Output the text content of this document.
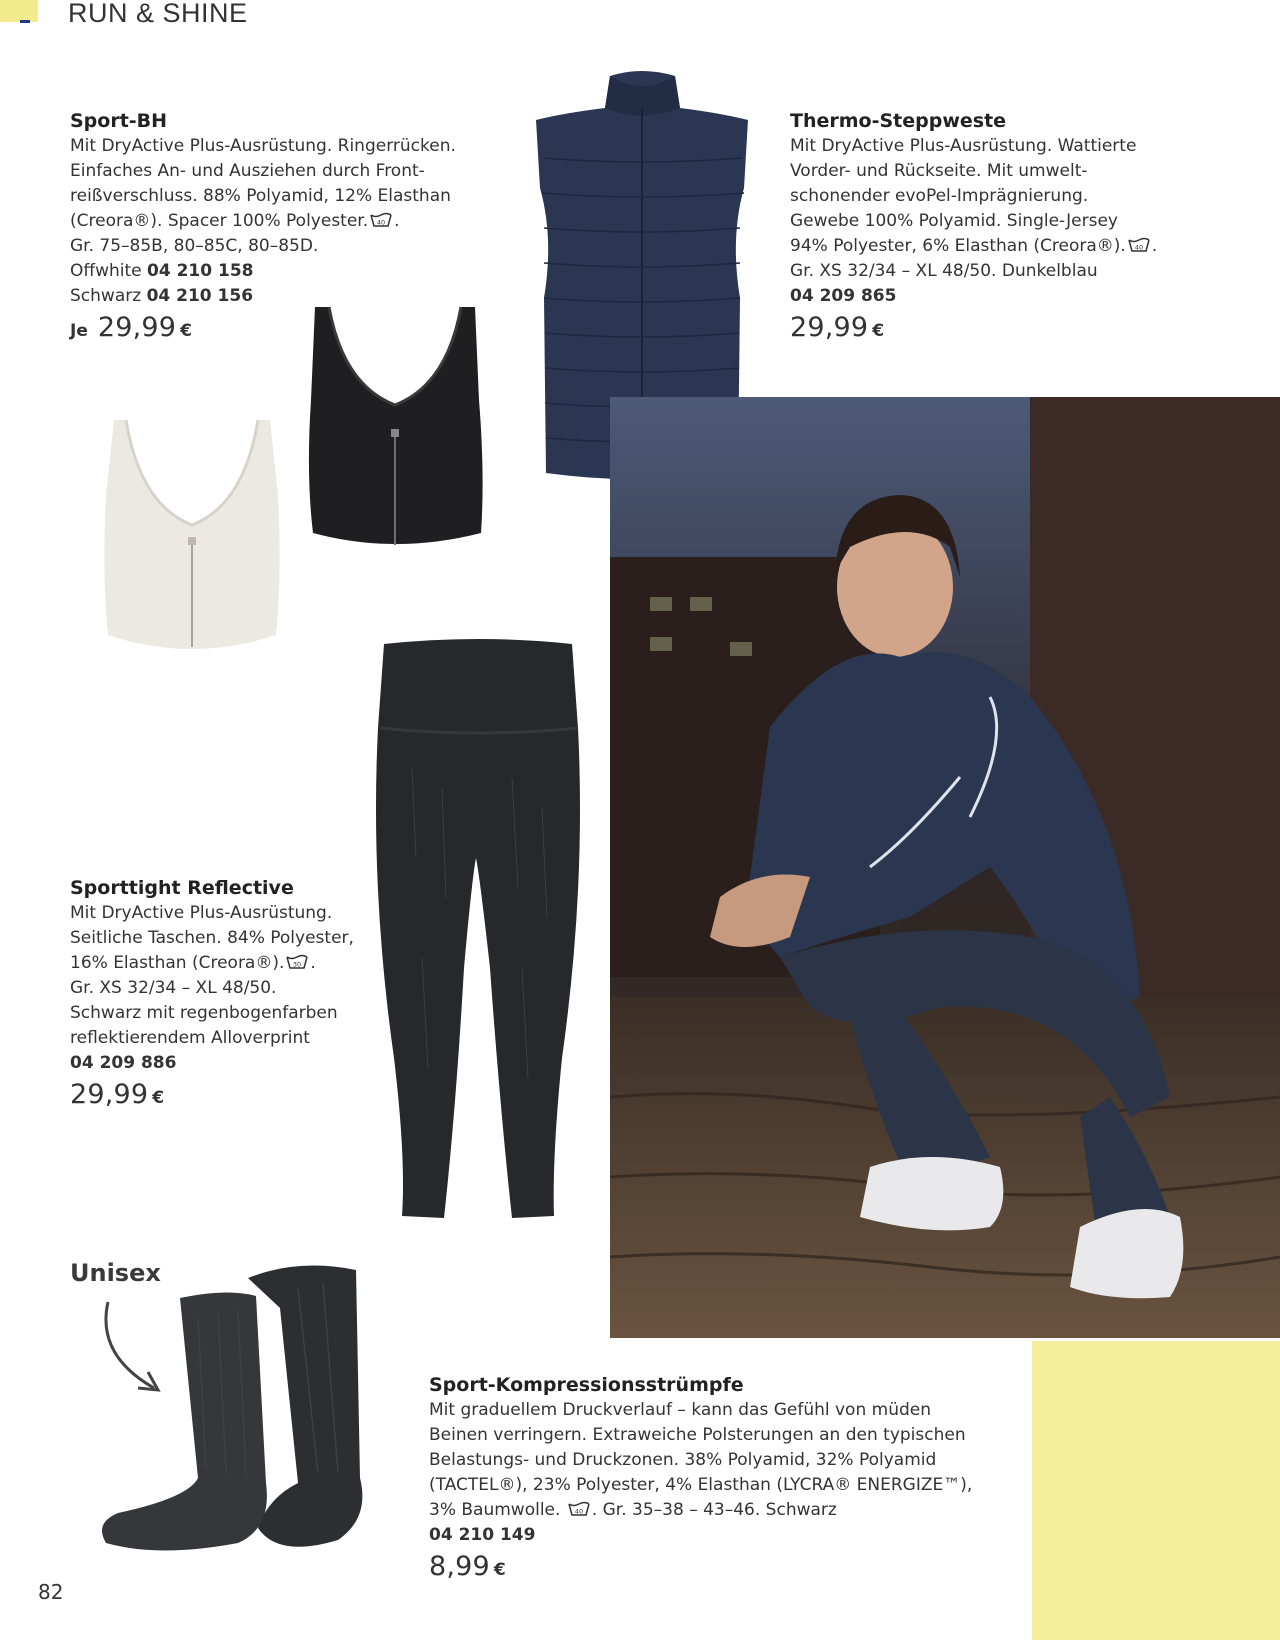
RUN & SHINE
Sport-BH
Mit DryActive Plus-Ausrüstung. Ringerrücken.
Einfaches An- und Ausziehen durch Front-
reißverschluss. 88% Polyamid, 12% Elasthan
(Creora®). Spacer 100% Polyester. 40 .
Gr. 75–85B, 80–85C, 80–85D.
Offwhite 04 210 158
Schwarz 04 210 156
Je 29,99 €
Thermo-Steppweste
Mit DryActive Plus-Ausrüstung. Wattierte
Vorder- und Rückseite. Mit umwelt-
schonender evoPel-Imprägnierung.
Gewebe 100% Polyamid. Single-Jersey
94% Polyester, 6% Elasthan (Creora®). 40 .
Gr. XS 32/34 – XL 48/50. Dunkelblau
04 209 865
29,99 €
Sporttight Reflective
Mit DryActive Plus-Ausrüstung.
Seitliche Taschen. 84% Polyester,
16% Elasthan (Creora®). 30 .
Gr. XS 32/34 – XL 48/50.
Schwarz mit regenbogenfarben
reflektierendem Alloverprint
04 209 886
29,99 €
Unisex
Sport-Kompressionsstrümpfe
Mit graduellem Druckverlauf – kann das Gefühl von müden
Beinen verringern. Extraweiche Polsterungen an den typischen
Belastungs- und Druckzonen. 38% Polyamid, 32% Polyamid
(TACTEL®), 23% Polyester, 4% Elasthan (LYCRA® ENERGIZE™),
3% Baumwolle. 40 . Gr. 35–38 – 43–46. Schwarz
04 210 149
8,99 €
82
